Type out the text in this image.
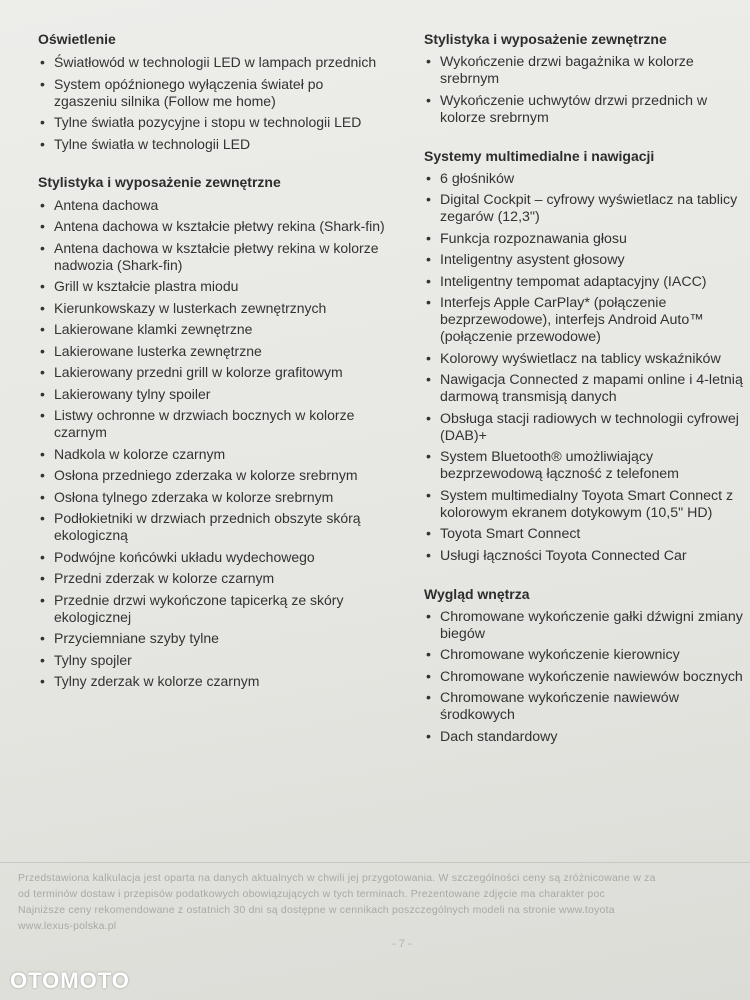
Oświetlenie
• Światłowód w technologii LED w lampach przednich
• System opóźnionego wyłączenia świateł po zgaszeniu silnika (Follow me home)
• Tylne światła pozycyjne i stopu w technologii LED
• Tylne światła w technologii LED
Stylistyka i wyposażenie zewnętrzne
• Antena dachowa
• Antena dachowa w kształcie płetwy rekina (Shark-fin)
• Antena dachowa w kształcie płetwy rekina w kolorze nadwozia (Shark-fin)
• Grill w kształcie plastra miodu
• Kierunkowskazy w lusterkach zewnętrznych
• Lakierowane klamki zewnętrzne
• Lakierowane lusterka zewnętrzne
• Lakierowany przedni grill w kolorze grafitowym
• Lakierowany tylny spoiler
• Listwy ochronne w drzwiach bocznych w kolorze czarnym
• Nadkola w kolorze czarnym
• Osłona przedniego zderzaka w kolorze srebrnym
• Osłona tylnego zderzaka w kolorze srebrnym
• Podłokietniki w drzwiach przednich obszyte skórą ekologiczną
• Podwójne końcówki układu wydechowego
• Przedni zderzak w kolorze czarnym
• Przednie drzwi wykończone tapicerką ze skóry ekologicznej
• Przyciemniane szyby tylne
• Tylny spojler
• Tylny zderzak w kolorze czarnym
Stylistyka i wyposażenie zewnętrzne
• Wykończenie drzwi bagażnika w kolorze srebrnym
• Wykończenie uchwytów drzwi przednich w kolorze srebrnym
Systemy multimedialne i nawigacji
• 6 głośników
• Digital Cockpit – cyfrowy wyświetlacz na tablicy zegarów (12,3")
• Funkcja rozpoznawania głosu
• Inteligentny asystent głosowy
• Inteligentny tempomat adaptacyjny (IACC)
• Interfejs Apple CarPlay* (połączenie bezprzewodowe), interfejs Android Auto™ (połączenie przewodowe)
• Kolorowy wyświetlacz na tablicy wskaźników
• Nawigacja Connected z mapami online i 4-letnią darmową transmisją danych
• Obsługa stacji radiowych w technologii cyfrowej (DAB)+
• System Bluetooth® umożliwiający bezprzewodową łączność z telefonem
• System multimedialny Toyota Smart Connect z kolorowym ekranem dotykowym (10,5" HD)
• Toyota Smart Connect
• Usługi łączności Toyota Connected Car
Wygląd wnętrza
• Chromowane wykończenie gałki dźwigni zmiany biegów
• Chromowane wykończenie kierownicy
• Chromowane wykończenie nawiewów bocznych
• Chromowane wykończenie nawiewów środkowych
• Dach standardowy
Przedstawiona kalkulacja jest oparta na danych aktualnych w chwili jej przygotowania. W szczególności ceny są zróżnicowane w za
od terminów dostaw i przepisów podatkowych obowiązujących w tych terminach. Prezentowane zdjęcie ma charakter poc
Najniższe ceny rekomendowane z ostatnich 30 dni są dostępne w cennikach poszczególnych modeli na stronie www.toyota
www.lexus-polska.pl
- 7 -
OTOMOTO
